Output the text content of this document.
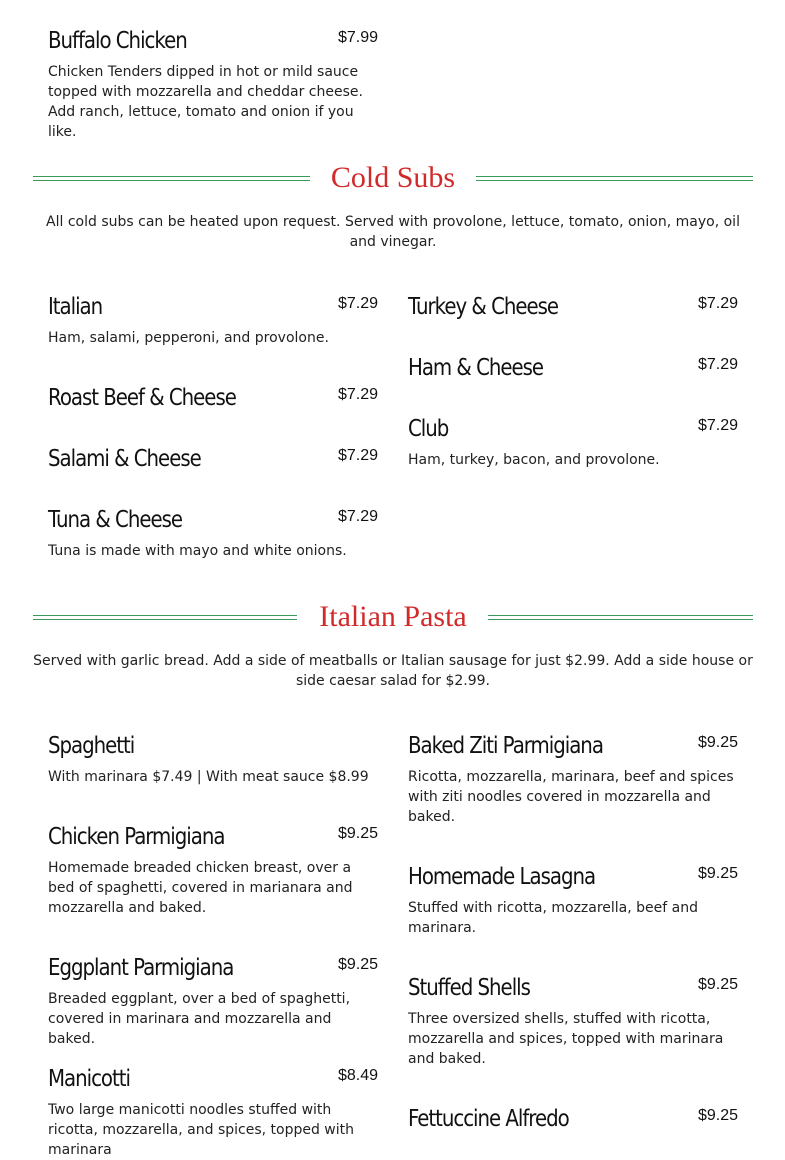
Buffalo Chicken	$7.99
Chicken Tenders dipped in hot or mild sauce topped with mozzarella and cheddar cheese. Add ranch, lettuce, tomato and onion if you like.
Cold Subs
All cold subs can be heated upon request. Served with provolone, lettuce, tomato, onion, mayo, oil and vinegar.
Italian	$7.29
Ham, salami, pepperoni, and provolone.
Roast Beef & Cheese	$7.29
Salami & Cheese	$7.29
Tuna & Cheese	$7.29
Tuna is made with mayo and white onions.
Turkey & Cheese	$7.29
Ham & Cheese	$7.29
Club	$7.29
Ham, turkey, bacon, and provolone.
Italian Pasta
Served with garlic bread. Add a side of meatballs or Italian sausage for just $2.99. Add a side house or side caesar salad for $2.99.
Spaghetti
With marinara $7.49 | With meat sauce $8.99
Chicken Parmigiana	$9.25
Homemade breaded chicken breast, over a bed of spaghetti, covered in marianara and mozzarella and baked.
Eggplant Parmigiana	$9.25
Breaded eggplant, over a bed of spaghetti, covered in marinara and mozzarella and baked.
Manicotti	$8.49
Two large manicotti noodles stuffed with ricotta, mozzarella, and spices, topped with marinara
Baked Ziti Parmigiana	$9.25
Ricotta, mozzarella, marinara, beef and spices with ziti noodles covered in mozzarella and baked.
Homemade Lasagna	$9.25
Stuffed with ricotta, mozzarella, beef and marinara.
Stuffed Shells	$9.25
Three oversized shells, stuffed with ricotta, mozzarella and spices, topped with marinara and baked.
Fettuccine Alfredo	$9.25
